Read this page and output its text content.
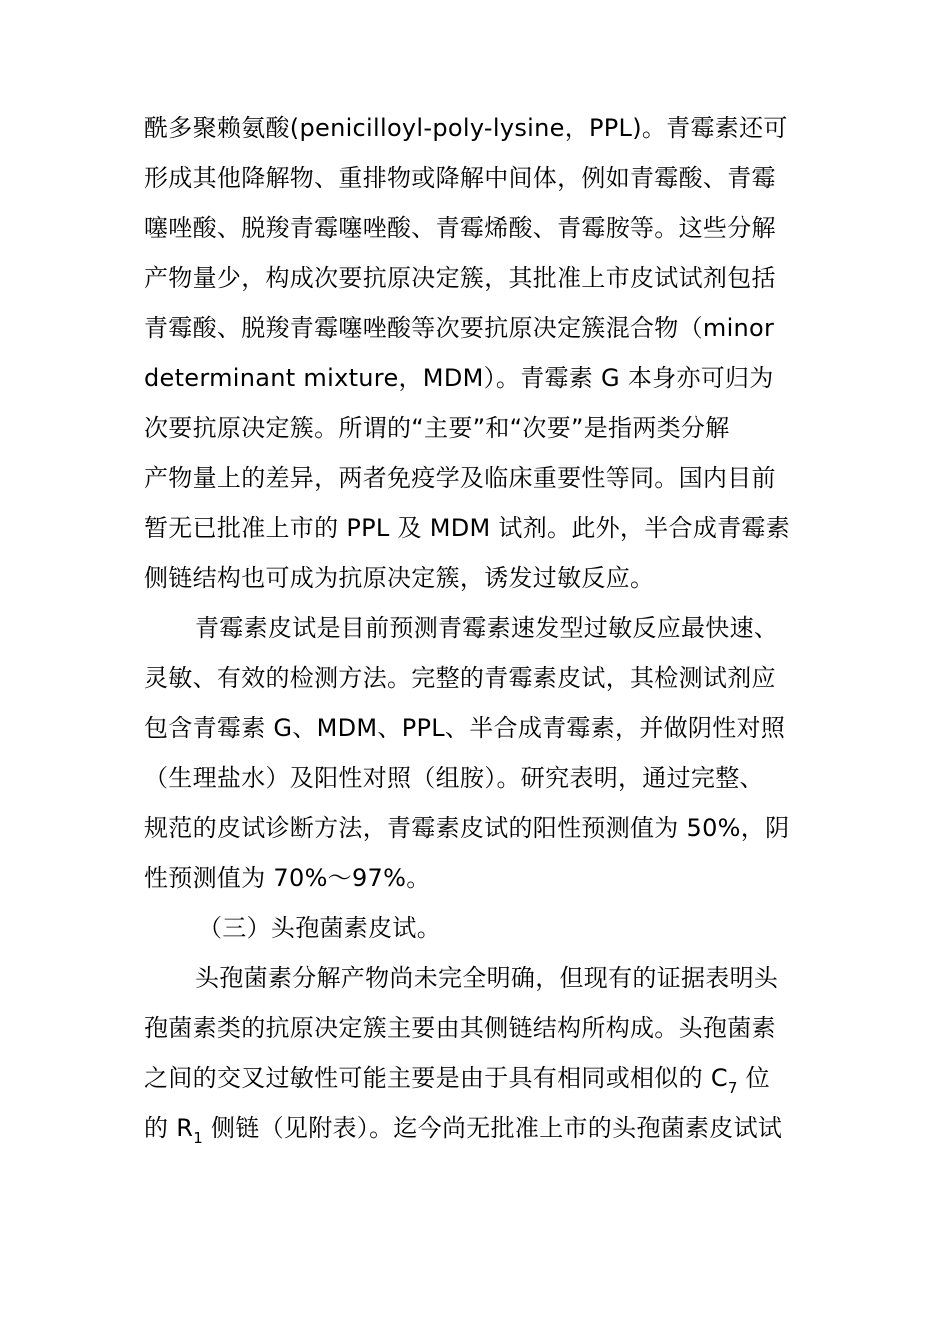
酰多聚赖氨酸(penicilloyl-poly-lysine，PPL)。青霉素还可
形成其他降解物、重排物或降解中间体，例如青霉酸、青霉
噻唑酸、脱羧青霉噻唑酸、青霉烯酸、青霉胺等。这些分解
产物量少，构成次要抗原决定簇，其批准上市皮试试剂包括
青霉酸、脱羧青霉噻唑酸等次要抗原决定簇混合物（minor
determinant mixture，MDM）。青霉素 G 本身亦可归为
次要抗原决定簇。所谓的“主要”和“次要”是指两类分解
产物量上的差异，两者免疫学及临床重要性等同。国内目前
暂无已批准上市的 PPL 及 MDM 试剂。此外，半合成青霉素
侧链结构也可成为抗原决定簇，诱发过敏反应。
青霉素皮试是目前预测青霉素速发型过敏反应最快速、
灵敏、有效的检测方法。完整的青霉素皮试，其检测试剂应
包含青霉素 G、MDM、PPL、半合成青霉素，并做阴性对照
（生理盐水）及阳性对照（组胺）。研究表明，通过完整、
规范的皮试诊断方法，青霉素皮试的阳性预测值为 50%，阴
性预测值为 70%～97%。
（三）头孢菌素皮试。
头孢菌素分解产物尚未完全明确，但现有的证据表明头
孢菌素类的抗原决定簇主要由其侧链结构所构成。头孢菌素
之间的交叉过敏性可能主要是由于具有相同或相似的 $C_7$ 位
的 $R_1$ 侧链（见附表）。迄今尚无批准上市的头孢菌素皮试试
